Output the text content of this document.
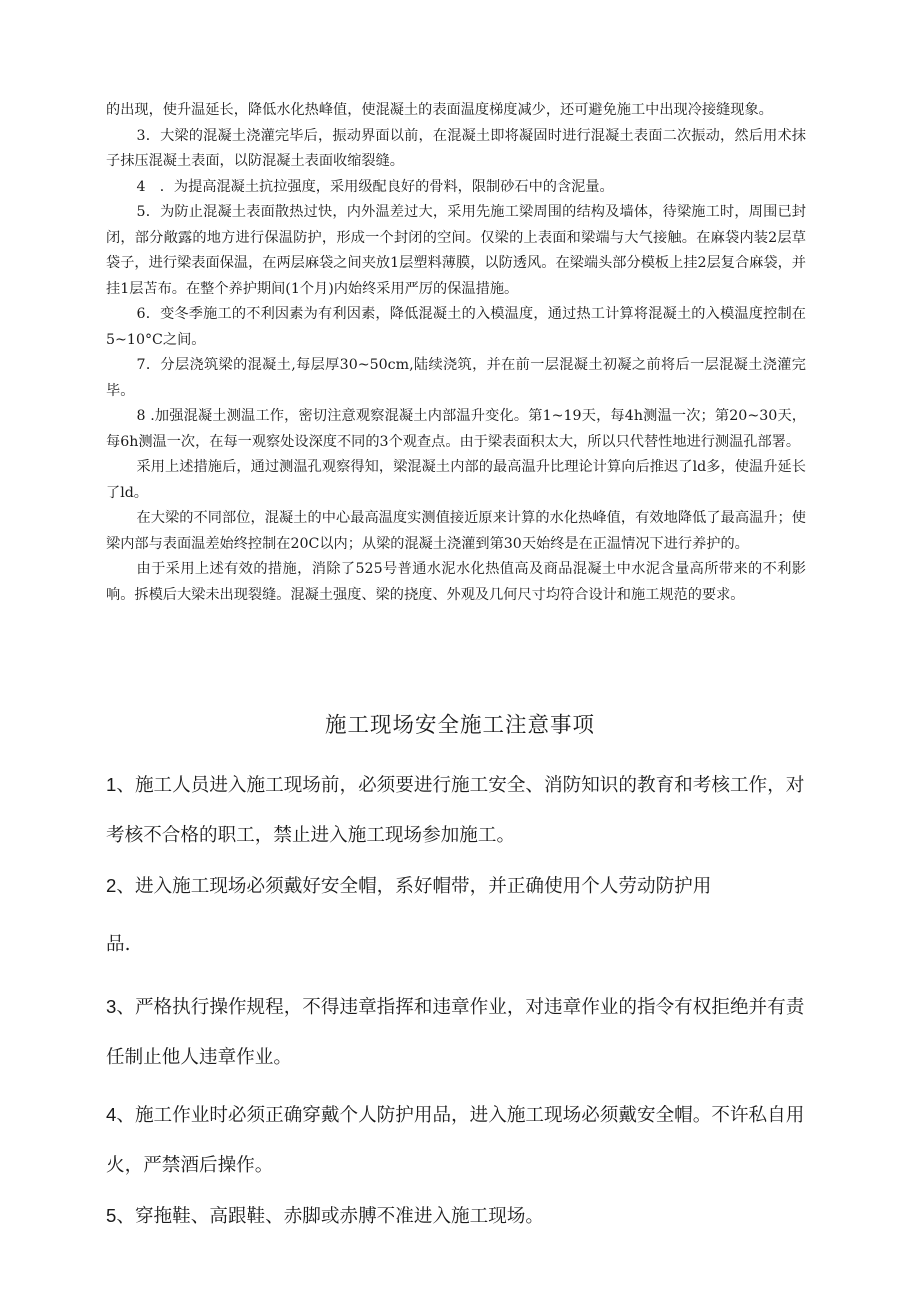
的出现，使升温延长，降低水化热峰值，使混凝土的表面温度梯度减少，还可避免施工中出现冷接缝现象。

3．大梁的混凝土浇灌完毕后，振动界面以前，在混凝土即将凝固时进行混凝土表面二次振动，然后用术抹子抹压混凝土表面，以防混凝土表面收缩裂缝。

4　．为提高混凝土抗拉强度，采用级配良好的骨料，限制砂石中的含泥量。

5．为防止混凝土表面散热过快，内外温差过大，采用先施工梁周围的结构及墙体，待梁施工时，周围已封闭，部分敞露的地方进行保温防护，形成一个封闭的空间。仅梁的上表面和梁端与大气接触。在麻袋内装2层草袋子，进行梁表面保温，在两层麻袋之间夹放1层塑料薄膜，以防透风。在梁端头部分模板上挂2层复合麻袋，并挂1层苫布。在整个养护期间(1个月)内始终采用严厉的保温措施。

6．变冬季施工的不利因素为有利因素，降低混凝土的入模温度，通过热工计算将混凝土的入模温度控制在5~10°C之间。

7．分层浇筑梁的混凝土,每层厚30~50cm,陆续浇筑，并在前一层混凝土初凝之前将后一层混凝土浇灌完毕。

8 .加强混凝土测温工作，密切注意观察混凝土内部温升变化。第1~19天，每4h测温一次；第20~30天，每6h测温一次，在每一观察处设深度不同的3个观查点。由于梁表面积太大，所以只代替性地进行测温孔部署。

采用上述措施后，通过测温孔观察得知，梁混凝土内部的最高温升比理论计算向后推迟了ld多，使温升延长了ld。

在大梁的不同部位，混凝土的中心最高温度实测值接近原来计算的水化热峰值，有效地降低了最高温升；使梁内部与表面温差始终控制在20C以内；从梁的混凝土浇灌到第30天始终是在正温情况下进行养护的。

由于采用上述有效的措施，消除了525号普通水泥水化热值高及商品混凝土中水泥含量高所带来的不利影响。拆模后大梁未出现裂缝。混凝土强度、梁的挠度、外观及几何尺寸均符合设计和施工规范的要求。

施工现场安全施工注意事项

1、施工人员进入施工现场前，必须要进行施工安全、消防知识的教育和考核工作，对考核不合格的职工，禁止进入施工现场参加施工。

2、进入施工现场必须戴好安全帽，系好帽带，并正确使用个人劳动防护用

品.

3、严格执行操作规程，不得违章指挥和违章作业，对违章作业的指令有权拒绝并有责任制止他人违章作业。

4、施工作业时必须正确穿戴个人防护用品，进入施工现场必须戴安全帽。不许私自用火，严禁酒后操作。

5、穿拖鞋、高跟鞋、赤脚或赤膊不准进入施工现场。
